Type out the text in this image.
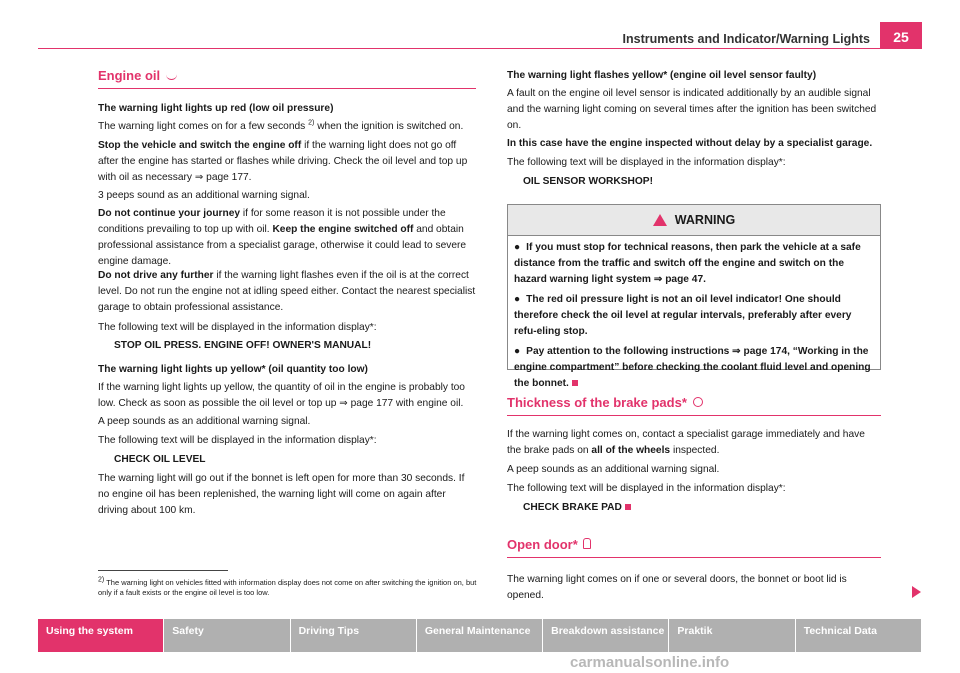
Instruments and Indicator/Warning Lights	25
Engine oil

The warning light lights up red (low oil pressure)

The warning light comes on for a few seconds $^{2)}$ when the ignition is switched on.

Stop the vehicle and switch the engine off if the warning light does not go off after the engine has started or flashes while driving. Check the oil level and top up with oil as necessary ⇒ page 177.

3 peeps sound as an additional warning signal.

Do not continue your journey if for some reason it is not possible under the conditions prevailing to top up with oil. Keep the engine switched off and obtain professional assistance from a specialist garage, otherwise it could lead to severe engine damage.

Do not drive any further if the warning light flashes even if the oil is at the correct level. Do not run the engine not at idling speed either. Contact the nearest specialist garage to obtain professional assistance.

The following text will be displayed in the information display*:

STOP OIL PRESS. ENGINE OFF! OWNER'S MANUAL!

The warning light lights up yellow* (oil quantity too low)

If the warning light lights up yellow, the quantity of oil in the engine is probably too low. Check as soon as possible the oil level or top up ⇒ page 177 with engine oil.

A peep sounds as an additional warning signal.

The following text will be displayed in the information display*:

CHECK OIL LEVEL

The warning light will go out if the bonnet is left open for more than 30 seconds. If no engine oil has been replenished, the warning light will come on again after driving about 100 km.

2) The warning light on vehicles fitted with information display does not come on after switching the ignition on, but only if a fault exists or the engine oil level is too low.

The warning light flashes yellow* (engine oil level sensor faulty)

A fault on the engine oil level sensor is indicated additionally by an audible signal and the warning light coming on several times after the ignition has been switched on.

In this case have the engine inspected without delay by a specialist garage.

The following text will be displayed in the information display*:

OIL SENSOR WORKSHOP!

WARNING

● If you must stop for technical reasons, then park the vehicle at a safe distance from the traffic and switch off the engine and switch on the hazard warning light system ⇒ page 47.

● The red oil pressure light is not an oil level indicator! One should therefore check the oil level at regular intervals, preferably after every refu-eling stop.

● Pay attention to the following instructions ⇒ page 174, “Working in the engine compartment” before checking the coolant fluid level and opening the bonnet.

Thickness of the brake pads*

If the warning light comes on, contact a specialist garage immediately and have the brake pads on all of the wheels inspected.

A peep sounds as an additional warning signal.

The following text will be displayed in the information display*:

CHECK BRAKE PAD

Open door*

The warning light comes on if one or several doors, the bonnet or boot lid is opened.

Using the system	Safety	Driving Tips	General Maintenance	Breakdown assistance	Praktik	Technical Data
carmanualsonline.info
